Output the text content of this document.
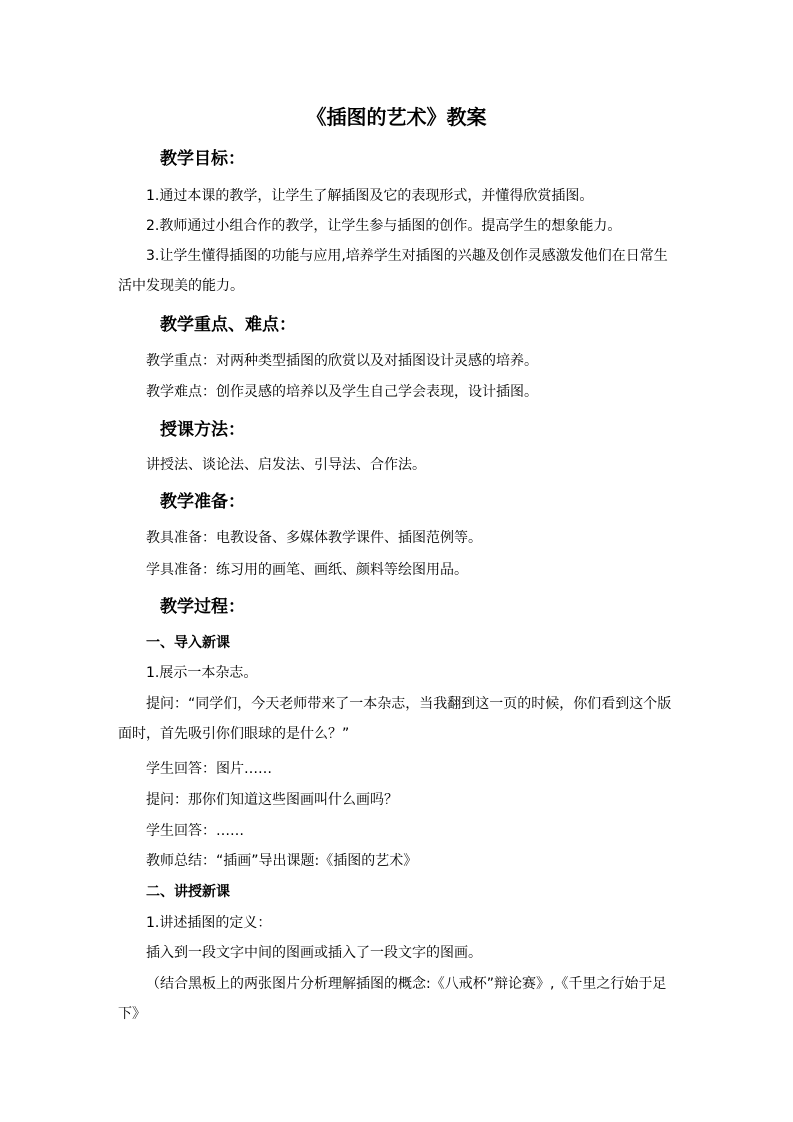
《插图的艺术》教案
教学目标：
1.通过本课的教学，让学生了解插图及它的表现形式，并懂得欣赏插图。
2.教师通过小组合作的教学，让学生参与插图的创作。提高学生的想象能力。
3.让学生懂得插图的功能与应用,培养学生对插图的兴趣及创作灵感激发他们在日常生活中发现美的能力。
教学重点、难点：
教学重点：对两种类型插图的欣赏以及对插图设计灵感的培养。
教学难点：创作灵感的培养以及学生自己学会表现，设计插图。
授课方法：
讲授法、谈论法、启发法、引导法、合作法。
教学准备：
教具准备：电教设备、多媒体教学课件、插图范例等。
学具准备：练习用的画笔、画纸、颜料等绘图用品。
教学过程：
一、导入新课
1.展示一本杂志。
提问：“同学们，今天老师带来了一本杂志，当我翻到这一页的时候，你们看到这个版面时，首先吸引你们眼球的是什么？”
学生回答：图片……
提问：那你们知道这些图画叫什么画吗？
学生回答：……
教师总结：“插画”导出课题:《插图的艺术》
二、讲授新课
1.讲述插图的定义：
插入到一段文字中间的图画或插入了一段文字的图画。
（结合黑板上的两张图片分析理解插图的概念:《八戒杯”辩论赛》,《千里之行始于足下》
